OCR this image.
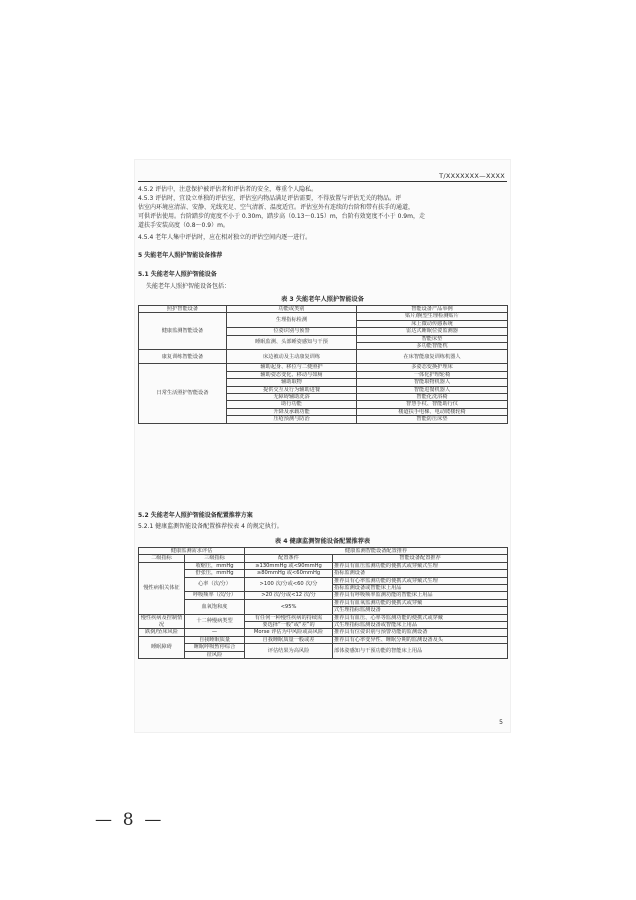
T/XXXXXXX—XXXX
4.5.2 评估中，注意保护被评估者和评估者的安全，尊重个人隐私。
4.5.3 评估时，宜设立单独的评估室，评估室内物品满足评估需要，不得放置与评估无关的物品。评
估室内环境应清洁、安静、光线充足、空气清新、温度适宜。评估室外有连续的台阶和带有扶手的通道，
可供评估使用。台阶踏步的宽度不小于 0.30m，踏步高（0.13～0.15）m，台阶有效宽度不小于 0.9m，走
道扶手安装高度（0.8～0.9）m。
4.5.4 老年人集中评估时，应在相对独立的评估空间内逐一进行。
5 失能老年人照护智能设备推荐
5.1 失能老年人照护智能设备
失能老年人照护智能设备包括：
表 3 失能老年人照护智能设备
照护智能设备	功能或类别	智能设备产品举例
健康监测智能设备	生理指标检测	贴片/腕型生理检测贴片
		床上微动传感系统
	位姿识别与预警	雷达式睡眠位姿监测器
	睡眠监测、头部睡姿感知与干预	智能床垫
		多功能智能枕
康复训练智能设备	床边被动及主动康复训练	在床智能康复训练机器人
日常生活照护智能设备	辅助起身、移位与二便照护	多姿态变换护理床
	辅助姿态变化、移动与如厕	一体化护理轮椅
	辅助取物	智能取物机器人
	提供交互及行为辅助进餐	智能进餐机器人
	无障碍辅助洗浴	智能化洗浴椅
	助行功能	智慧手杖、智能助行仪
	升降及承载功能	楼道扶手电梯、电动爬楼轮椅
	压疮预测与防治	智能防压床垫
5.2 失能老年人照护智能设备配置推荐方案
5.2.1 健康监测智能设备配置推荐按表 4 的规定执行。
表 4 健康监测智能设备配置推荐表
健康监测需求评估		健康监测智能设备配置推荐	
二级指标	三级指标	配置条件	智能设备配置推荐
慢性病相关体征	收缩压，mmHg	≥130mmHg 或<90mmHg	推荐具有血压监测功能的便携式或穿戴式生理
	舒张压，mmHg	≥80mmHg 或<60mmHg	指标监测设备
	心率（次/分）	>100 次/分或<60 次/分	推荐具有心率监测功能的便携式或穿戴式生理
			指标监测设备或智能床上用品
	呼吸频率（次/分）	>20 次/分或<12 次/分	推荐具有呼吸频率监测功能的智能床上用品
	血氧饱和度	<95%	推荐具有血氧监测功能的便携式或穿戴
			式生理指标监测设备
慢性疾病及控制情况	十二种慢病类型	有任何一种慢性疾病的持续需	推荐具有血压、心率等监测功能的便携式或穿戴
		要选择“一般”或“差”的	式生理指标监测设备或智能床上用品
跌倒/坠床风险	—	Morse 评估为中风险或高风险	推荐具有位姿识别与预警功能的监测设备
睡眠障碍	自我睡眠质量	自我睡眠质量一般或差	推荐具有心率变异性、睡眠分期的监测设备及头
	睡眠呼吸暂停综合	评估结果为高风险	部体姿感知与干预功能的智能床上用品
	征风险		
5
—  8  —
